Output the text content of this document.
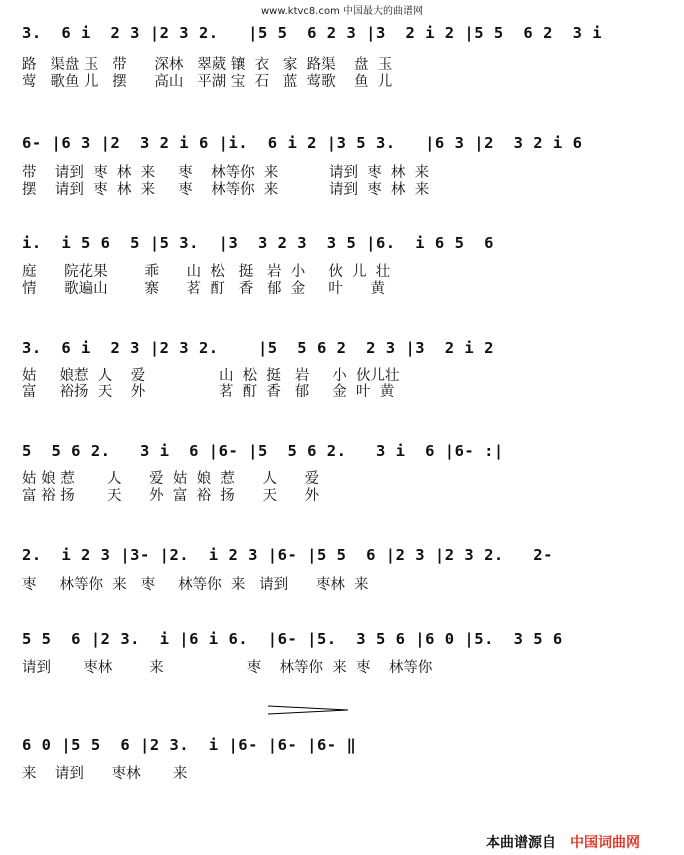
www.ktvc8.com 中国最大的曲谱网
3.  6 i  2 3 |2 3 2.   |5 5  6 2 3 |3  2 i 2 |5 5  6 2  3 i
路   渠盘 玉   带      深林   翠葳 镶  衣   家  路渠    盘  玉
莺   歌鱼 儿   摆      高山   平湖 宝  石   蓝  莺歌    鱼  儿
6- |6 3 |2  3 2 i 6 |i.  6 i 2 |3 5 3.   |6 3 |2  3 2 i 6
带    请到  枣  林  来     枣    林等你  来           请到  枣  林  来
摆    请到  枣  林  来     枣    林等你  来           请到  枣  林  来
i.  i 5 6  5 |5 3.  |3  3 2 3  3 5 |6.  i 6 5  6
庭      院花果        乖      山  松   挺   岩  小     伙  儿  壮
情      歌遍山        寨      茗  酊   香   郁  金     叶      黄
3.  6 i  2 3 |2 3 2.    |5  5 6 2  2 3 |3  2 i 2
姑     娘惹  人    爱                山  松  挺   岩     小  伙儿壮
富     裕扬  天    外                茗  酊  香   郁     金  叶  黄
5  5 6 2.   3 i  6 |6- |5  5 6 2.   3 i  6 |6- :|
姑 娘 惹       人      爱  姑  娘  惹      人      爱
富 裕 扬       天      外  富  裕  扬      天      外
2.  i 2 3 |3- |2.  i 2 3 |6- |5 5  6 |2 3 |2 3 2.   2-
枣     林等你  来   枣     林等你  来   请到      枣林  来
5 5  6 |2 3.  i |6 i 6.  |6- |5.  3 5 6 |6 0 |5.  3 5 6
请到       枣林        来                  枣    林等你  来  枣    林等你
6 0 |5 5  6 |2 3.  i |6- |6- |6- ‖
来    请到      枣林       来
本曲谱源自 中国词曲网
